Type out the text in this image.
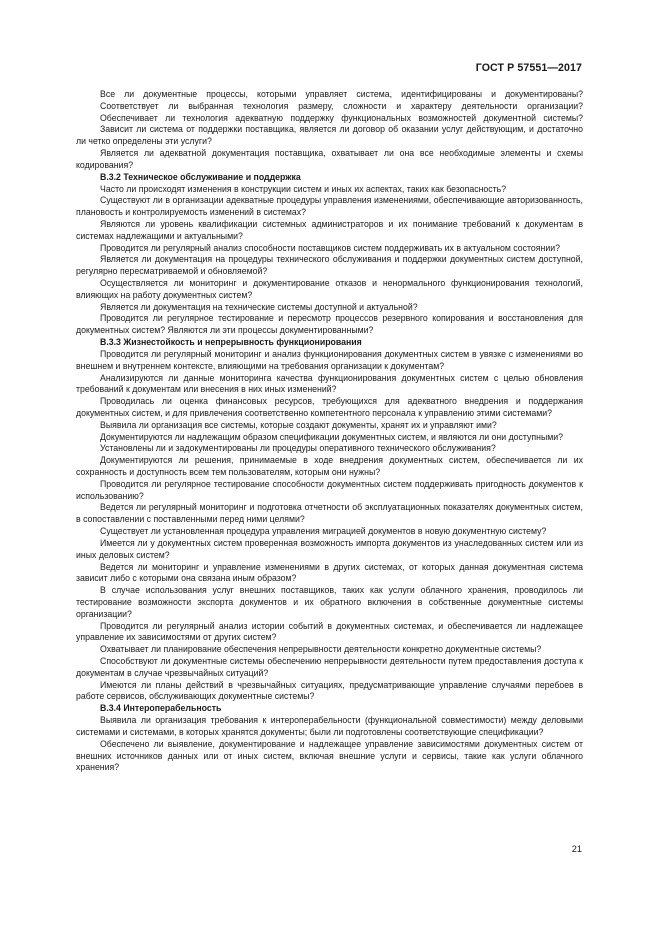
ГОСТ Р 57551—2017

Все ли документные процессы, которыми управляет система, идентифицированы и документированы?

Соответствует ли выбранная технология размеру, сложности и характеру деятельности организации?

Обеспечивает ли технология адекватную поддержку функциональных возможностей документной системы?

Зависит ли система от поддержки поставщика, является ли договор об оказании услуг действующим, и достаточно ли четко определены эти услуги?

Является ли адекватной документация поставщика, охватывает ли она все необходимые элементы и схемы кодирования?

В.3.2 Техническое обслуживание и поддержка

Часто ли происходят изменения в конструкции систем и иных их аспектах, таких как безопасность?

Существуют ли в организации адекватные процедуры управления изменениями, обеспечивающие авторизованность, плановость и контролируемость изменений в системах?

Являются ли уровень квалификации системных администраторов и их понимание требований к документам в системах надлежащими и актуальными?

Проводится ли регулярный анализ способности поставщиков систем поддерживать их в актуальном состоянии?

Является ли документация на процедуры технического обслуживания и поддержки документных систем доступной, регулярно пересматриваемой и обновляемой?

Осуществляется ли мониторинг и документирование отказов и ненормального функционирования технологий, влияющих на работу документных систем?

Является ли документация на технические системы доступной и актуальной?

Проводится ли регулярное тестирование и пересмотр процессов резервного копирования и восстановления для документных систем? Являются ли эти процессы документированными?

В.3.3 Жизнестойкость и непрерывность функционирования

Проводится ли регулярный мониторинг и анализ функционирования документных систем в увязке с изменениями во внешнем и внутреннем контексте, влияющими на требования организации к документам?

Анализируются ли данные мониторинга качества функционирования документных систем с целью обновления требований к документам или внесения в них иных изменений?

Проводилась ли оценка финансовых ресурсов, требующихся для адекватного внедрения и поддержания документных систем, и для привлечения соответственно компетентного персонала к управлению этими системами?

Выявила ли организация все системы, которые создают документы, хранят их и управляют ими?

Документируются ли надлежащим образом спецификации документных систем, и являются ли они доступными?

Установлены ли и задокументированы ли процедуры оперативного технического обслуживания?

Документируются ли решения, принимаемые в ходе внедрения документных систем, обеспечивается ли их сохранность и доступность всем тем пользователям, которым они нужны?

Проводится ли регулярное тестирование способности документных систем поддерживать пригодность документов к использованию?

Ведется ли регулярный мониторинг и подготовка отчетности об эксплуатационных показателях документных систем, в сопоставлении с поставленными перед ними целями?

Существует ли установленная процедура управления миграцией документов в новую документную систему?

Имеется ли у документных систем проверенная возможность импорта документов из унаследованных систем или из иных деловых систем?

Ведется ли мониторинг и управление изменениями в других системах, от которых данная документная система зависит либо с которыми она связана иным образом?

В случае использования услуг внешних поставщиков, таких как услуги облачного хранения, проводилось ли тестирование возможности экспорта документов и их обратного включения в собственные документные системы организации?

Проводится ли регулярный анализ истории событий в документных системах, и обеспечивается ли надлежащее управление их зависимостями от других систем?

Охватывает ли планирование обеспечения непрерывности деятельности конкретно документные системы?

Способствуют ли документные системы обеспечению непрерывности деятельности путем предоставления доступа к документам в случае чрезвычайных ситуаций?

Имеются ли планы действий в чрезвычайных ситуациях, предусматривающие управление случаями перебоев в работе сервисов, обслуживающих документные системы?

В.3.4 Интероперабельность

Выявила ли организация требования к интероперабельности (функциональной совместимости) между деловыми системами и системами, в которых хранятся документы; были ли подготовлены соответствующие спецификации?

Обеспечено ли выявление, документирование и надлежащее управление зависимостями документных систем от внешних источников данных или от иных систем, включая внешние услуги и сервисы, такие как услуги облачного хранения?

21
